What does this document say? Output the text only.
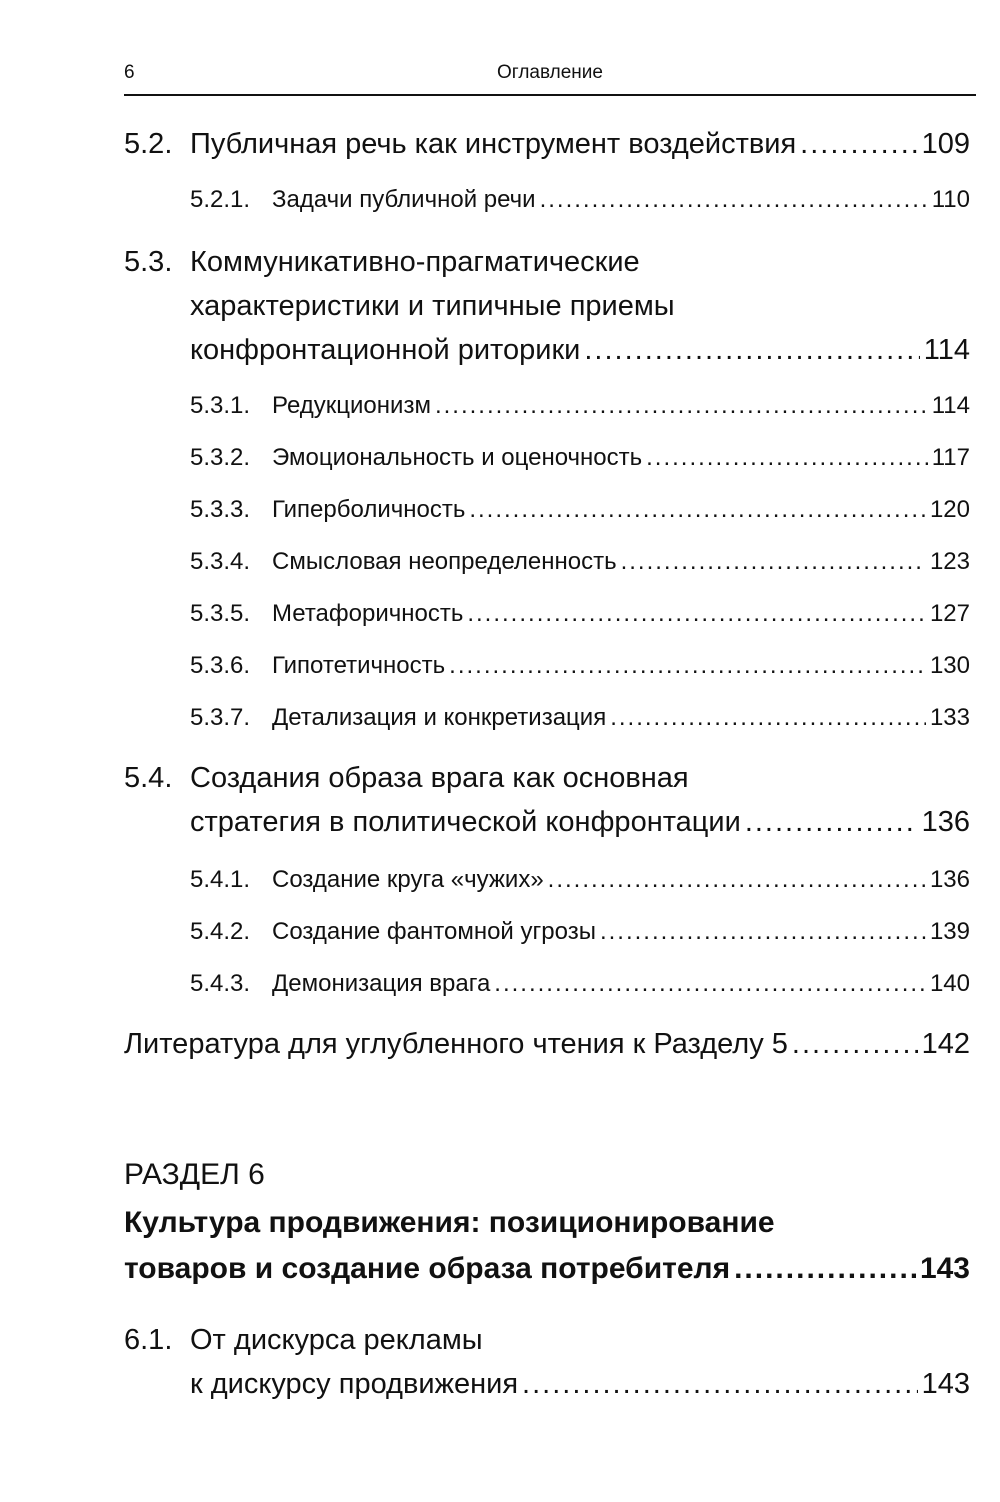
6	Оглавление
5.2. Публичная речь как инструмент воздействия .....	109
5.2.1. Задачи публичной речи .....	110
5.3. Коммуникативно-прагматические
характеристики и типичные приемы
конфронтационной риторики .....	114
5.3.1. Редукционизм .....	114
5.3.2. Эмоциональность и оценочность .....	117
5.3.3. Гиперболичность .....	120
5.3.4. Смысловая неопределенность .....	123
5.3.5. Метафоричность .....	127
5.3.6. Гипотетичность .....	130
5.3.7. Детализация и конкретизация .....	133
5.4. Создания образа врага как основная
стратегия в политической конфронтации .....	136
5.4.1. Создание круга «чужих» .....	136
5.4.2. Создание фантомной угрозы .....	139
5.4.3. Демонизация врага .....	140
Литература для углубленного чтения к Разделу 5 .....	142
РАЗДЕЛ 6
Культура продвижения: позиционирование
товаров и создание образа потребителя .....	143
6.1. От дискурса рекламы
к дискурсу продвижения .....	143
